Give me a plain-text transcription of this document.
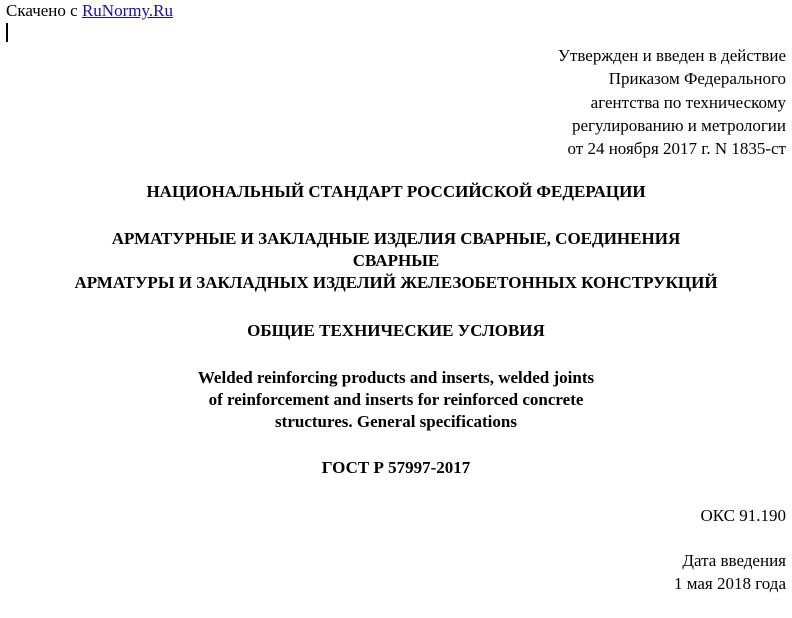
Скачено с RuNormy.Ru
Утвержден и введен в действие
Приказом Федерального
агентства по техническому
регулированию и метрологии
от 24 ноября 2017 г. N 1835-ст
НАЦИОНАЛЬНЫЙ СТАНДАРТ РОССИЙСКОЙ ФЕДЕРАЦИИ
АРМАТУРНЫЕ И ЗАКЛАДНЫЕ ИЗДЕЛИЯ СВАРНЫЕ, СОЕДИНЕНИЯ
СВАРНЫЕ
АРМАТУРЫ И ЗАКЛАДНЫХ ИЗДЕЛИЙ ЖЕЛЕЗОБЕТОННЫХ КОНСТРУКЦИЙ
ОБЩИЕ ТЕХНИЧЕСКИЕ УСЛОВИЯ
Welded reinforcing products and inserts, welded joints
of reinforcement and inserts for reinforced concrete
structures. General specifications
ГОСТ Р 57997-2017
ОКС 91.190
Дата введения
1 мая 2018 года
